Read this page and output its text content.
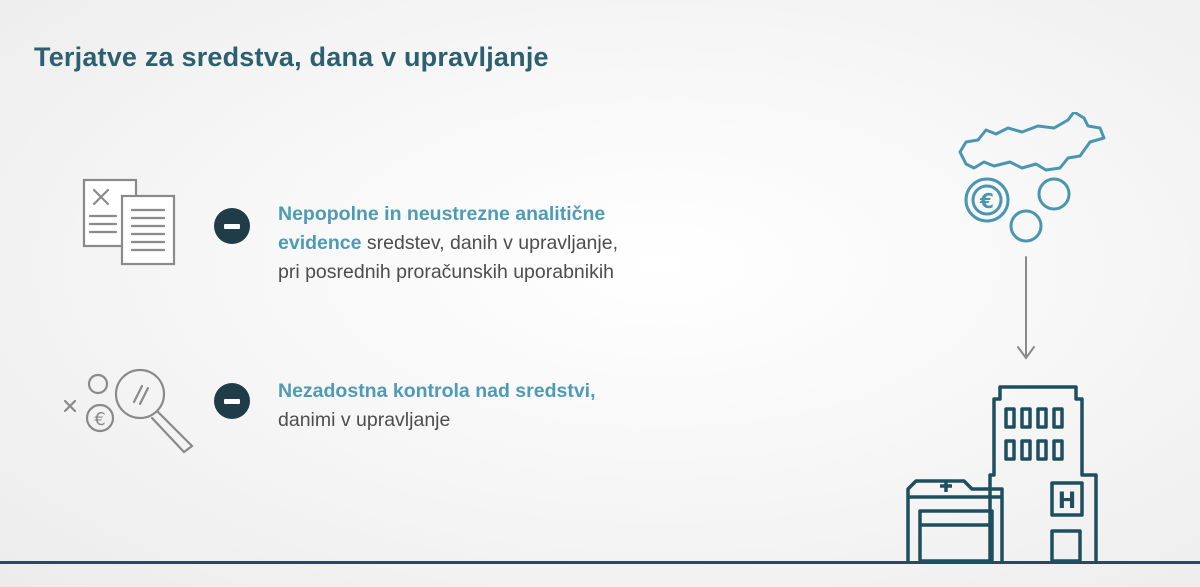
Terjatve za sredstva, dana v upravljanje
Nepopolne in neustrezne analitične
evidence sredstev, danih v upravljanje,
pri posrednih proračunskih uporabnikih
€
Nezadostna kontrola nad sredstvi,
danimi v upravljanje
€
H
